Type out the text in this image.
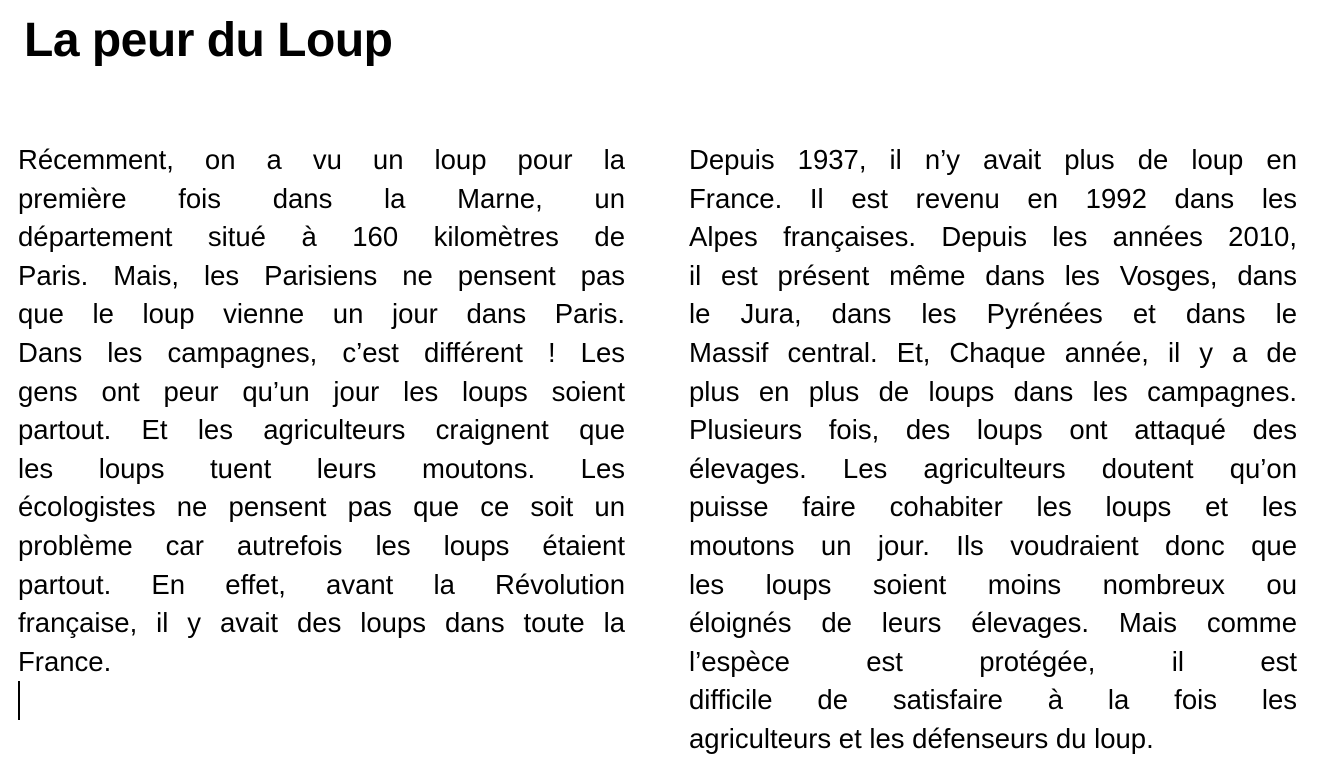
La peur du Loup
Récemment, on a vu un loup pour la
première fois dans la Marne, un
département situé à 160 kilomètres de
Paris. Mais, les Parisiens ne pensent pas
que le loup vienne un jour dans Paris.
Dans les campagnes, c’est différent ! Les
gens ont peur qu’un jour les loups soient
partout. Et les agriculteurs craignent que
les loups tuent leurs moutons. Les
écologistes ne pensent pas que ce soit un
problème car autrefois les loups étaient
partout. En effet, avant la Révolution
française, il y avait des loups dans toute la
France.
Depuis 1937, il n’y avait plus de loup en
France. Il est revenu en 1992 dans les
Alpes françaises. Depuis les années 2010,
il est présent même dans les Vosges, dans
le Jura, dans les Pyrénées et dans le
Massif central. Et, Chaque année, il y a de
plus en plus de loups dans les campagnes.
Plusieurs fois, des loups ont attaqué des
élevages. Les agriculteurs doutent qu’on
puisse faire cohabiter les loups et les
moutons un jour. Ils voudraient donc que
les loups soient moins nombreux ou
éloignés de leurs élevages. Mais comme
l’espèce est protégée, il est
difficile de satisfaire à la fois les
agriculteurs et les défenseurs du loup.
